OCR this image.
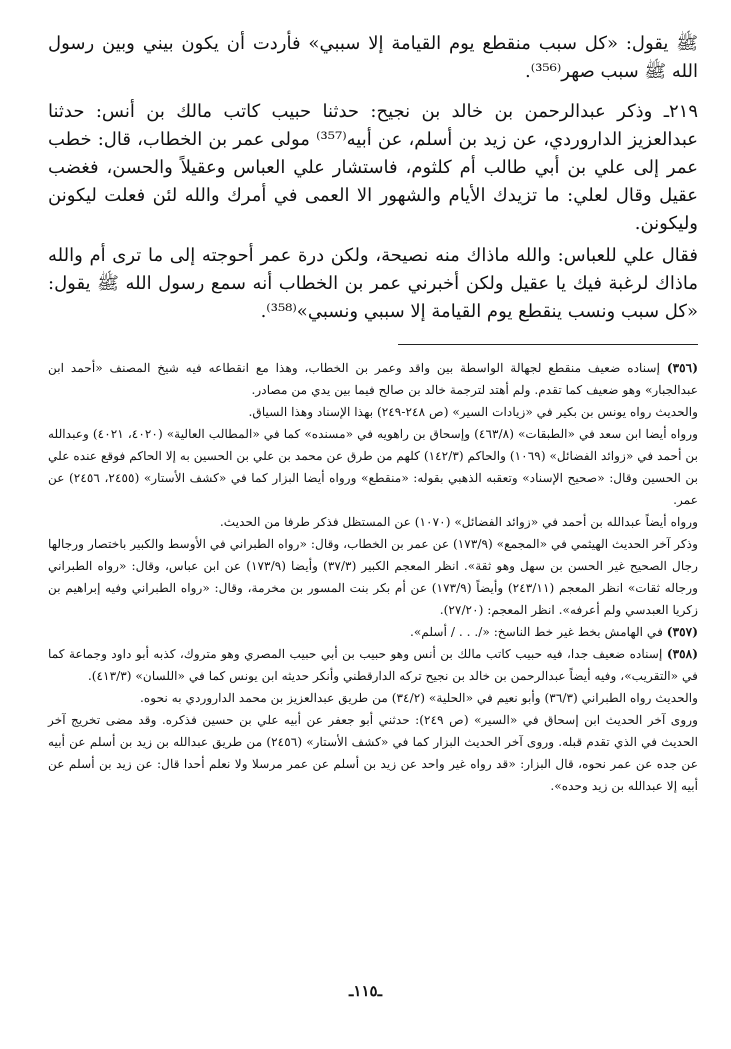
ﷺ يقول: «كل سبب منقطع يوم القيامة إلا سببي» فأردت أن يكون بيني وبين رسول الله ﷺ سبب صهر⁽³⁵⁶⁾.

٢١٩ـ وذكر عبدالرحمن بن خالد بن نجيح: حدثنا حبيب كاتب مالك بن أنس: حدثنا عبدالعزيز الداروردي، عن زيد بن أسلم، عن أبيه⁽³⁵⁷⁾ مولى عمر بن الخطاب، قال: خطب عمر إلى علي بن أبي طالب أم كلثوم، فاستشار علي العباس وعقيلاً والحسن، فغضب عقيل وقال لعلي: ما تزيدك الأيام والشهور الا العمى في أمرك والله لئن فعلت ليكونن وليكونن.

فقال علي للعباس: والله ماذاك منه نصيحة، ولكن درة عمر أحوجته إلى ما ترى أم والله ماذاك لرغبة فيك يا عقيل ولكن أخبرني عمر بن الخطاب أنه سمع رسول الله ﷺ يقول: «كل سبب ونسب ينقطع يوم القيامة إلا سببي ونسبي»⁽³⁵⁸⁾.

(٣٥٦) إسناده ضعيف منقطع لجهالة الواسطة بين واقد وعمر بن الخطاب، وهذا مع انقطاعه فيه شيخ المصنف «أحمد ابن عبدالجبار» وهو ضعيف كما تقدم. ولم أهتد لترجمة خالد بن صالح فيما بين يدي من مصادر.

والحديث رواه يونس بن بكير في «زيادات السير» (ص ٢٤٨-٢٤٩) بهذا الإسناد وهذا السياق.

ورواه أيضا ابن سعد في «الطبقات» (٤٦٣/٨) وإسحاق بن راهويه في «مسنده» كما في «المطالب العالية» (٤٠٢٠، ٤٠٢١) وعبدالله بن أحمد في «زوائد الفضائل» (١٠٦٩) والحاكم (١٤٢/٣) كلهم من طرق عن محمد بن علي بن الحسين به إلا الحاكم فوقع عنده علي بن الحسين وقال: «صحيح الإسناد» وتعقبه الذهبي بقوله: «منقطع» ورواه أيضا البزار كما في «كشف الأستار» (٢٤٥٥، ٢٤٥٦) عن عمر.

ورواه أيضاً عبدالله بن أحمد في «زوائد الفضائل» (١٠٧٠) عن المستظل فذكر طرفا من الحديث.

وذكر آخر الحديث الهيثمي في «المجمع» (١٧٣/٩) عن عمر بن الخطاب، وقال: «رواه الطبراني في الأوسط والكبير باختصار ورجالها رجال الصحيح غير الحسن بن سهل وهو ثقة». انظر المعجم الكبير (٣٧/٣) وأيضا (١٧٣/٩) عن ابن عباس، وقال: «رواه الطبراني ورجاله ثقات» انظر المعجم (٢٤٣/١١) وأيضاً (١٧٣/٩) عن أم بكر بنت المسور بن مخرمة، وقال: «رواه الطبراني وفيه إبراهيم بن زكريا العبدسي ولم أعرفه». انظر المعجم: (٢٧/٢٠).

(٣٥٧) في الهامش بخط غير خط الناسخ: «/. . . / أسلم».

(٣٥٨) إسناده ضعيف جدا، فيه حبيب كاتب مالك بن أنس وهو حبيب بن أبي حبيب المصري وهو متروك، كذبه أبو داود وجماعة كما في «التقريب»، وفيه أيضاً عبدالرحمن بن خالد بن نجيح تركه الدارقطني وأنكر حديثه ابن يونس كما في «اللسان» (٤١٣/٣).

والحديث رواه الطبراني (٣٦/٣) وأبو نعيم في «الحلية» (٣٤/٢) من طريق عبدالعزيز بن محمد الداروردي به نحوه.

وروى آخر الحديث ابن إسحاق في «السير» (ص ٢٤٩): حدثني أبو جعفر عن أبيه علي بن حسين فذكره. وقد مضى تخريج آخر الحديث في الذي تقدم قبله. وروى آخر الحديث البزار كما في «كشف الأستار» (٢٤٥٦) من طريق عبدالله بن زيد بن أسلم عن أبيه عن جده عن عمر نحوه، قال البزار: «قد رواه غير واحد عن زيد بن أسلم عن عمر مرسلا ولا نعلم أحدا قال: عن زيد بن أسلم عن أبيه إلا عبدالله بن زيد وحده».

ـ١١٥ـ
